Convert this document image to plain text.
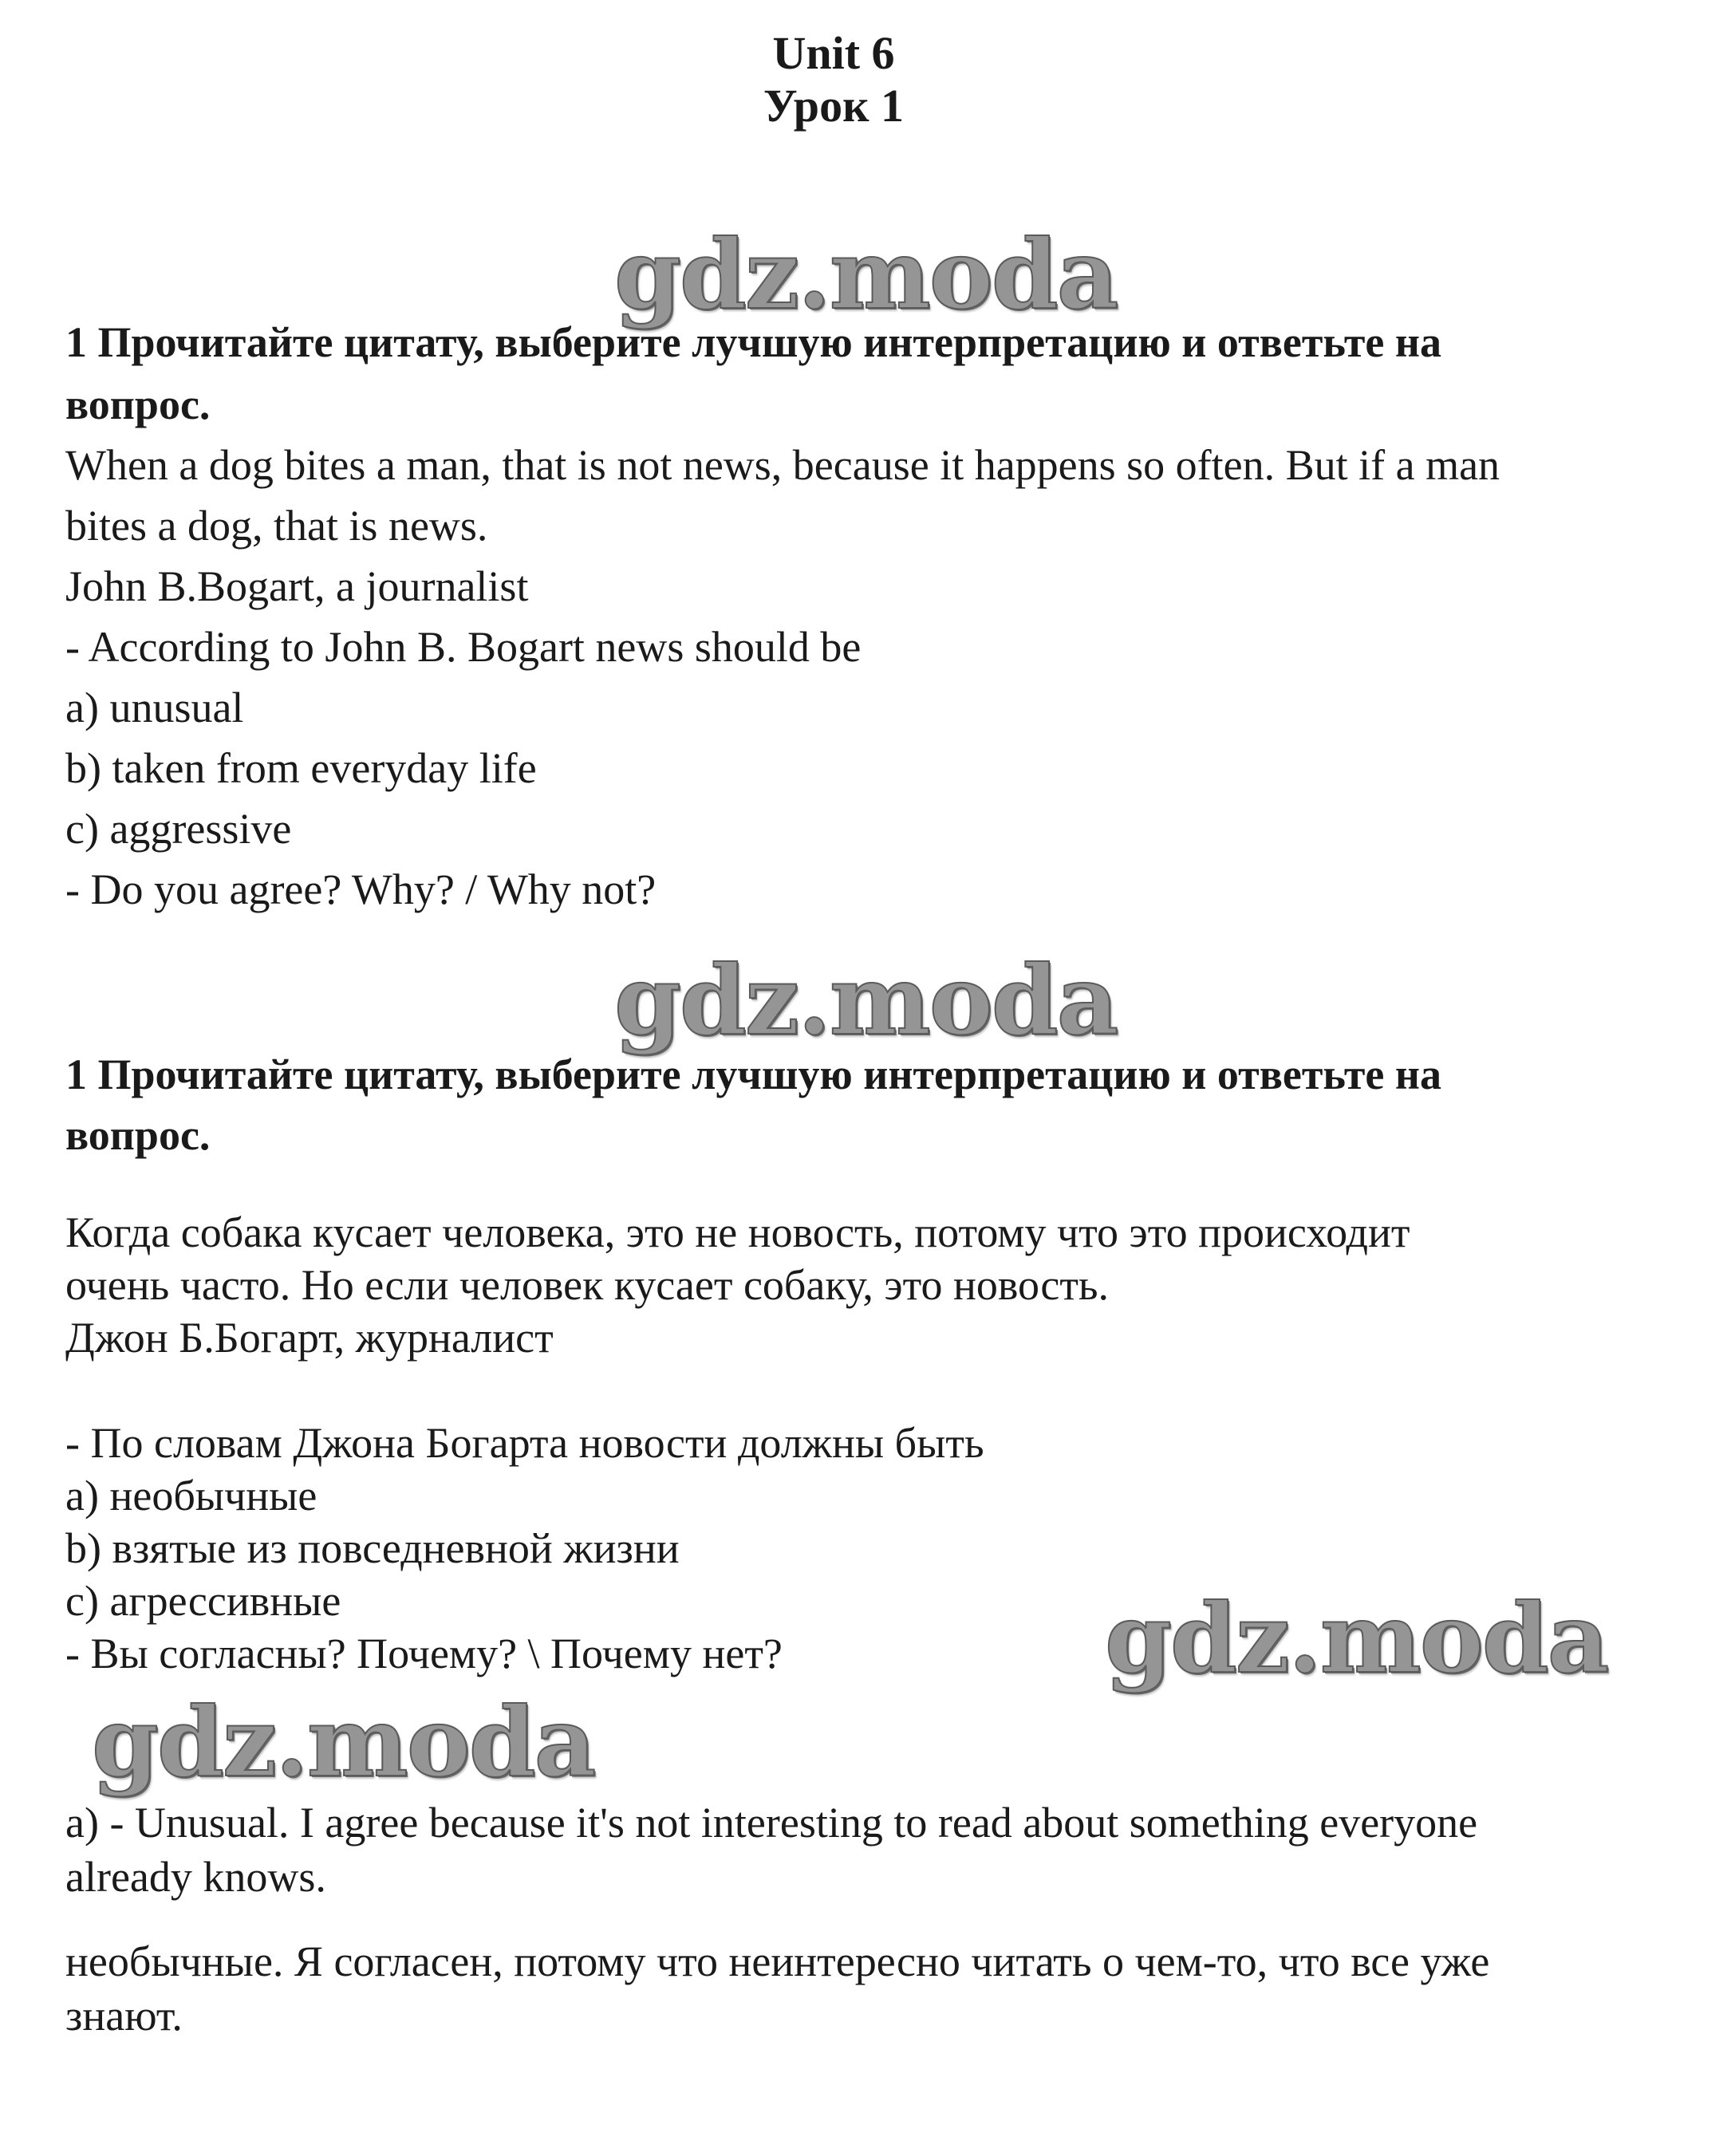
Unit 6
Урок 1
gdz.moda
1 Прочитайте цитату, выберите лучшую интерпретацию и ответьте на
вопрос.
When a dog bites a man, that is not news, because it happens so often. But if a man
bites a dog, that is news.
John B.Bogart, a journalist
- According to John B. Bogart news should be
a) unusual
b) taken from everyday life
c) aggressive
- Do you agree? Why? / Why not?
gdz.moda
1 Прочитайте цитату, выберите лучшую интерпретацию и ответьте на
вопрос.
Когда собака кусает человека, это не новость, потому что это происходит
очень часто. Но если человек кусает собаку, это новость.
Джон Б.Богарт, журналист
- По словам Джона Богарта новости должны быть
a) необычные
b) взятые из повседневной жизни
c) агрессивные
- Вы согласны? Почему? \ Почему нет?	gdz.moda
gdz.moda
a) - Unusual. I agree because it's not interesting to read about something everyone
already knows.
необычные. Я согласен, потому что неинтересно читать о чем-то, что все уже
знают.
